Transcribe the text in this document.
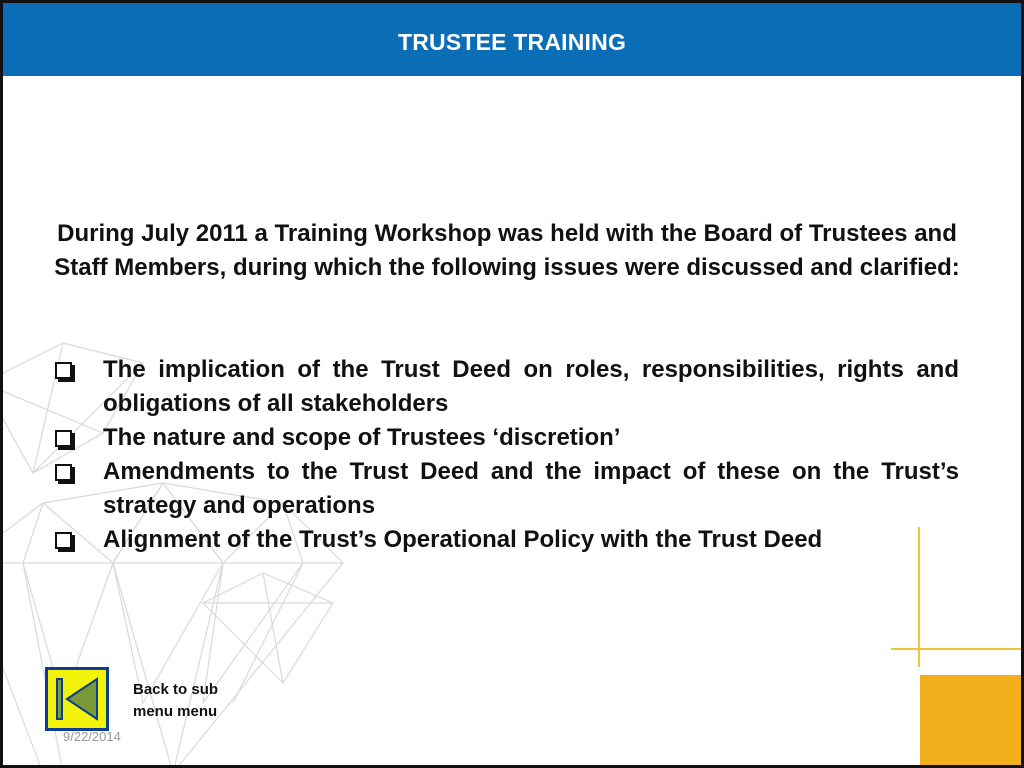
TRUSTEE TRAINING
During July 2011 a Training Workshop was held with the Board of Trustees and Staff Members, during which the following issues were discussed and clarified:
The implication of the Trust Deed on roles, responsibilities, rights and obligations of all stakeholders
The nature and scope of Trustees ‘discretion’
Amendments to the Trust Deed and the impact of these on the Trust’s strategy and operations
Alignment of the Trust’s Operational Policy with the Trust Deed
Back to sub menu menu
9/22/2014
